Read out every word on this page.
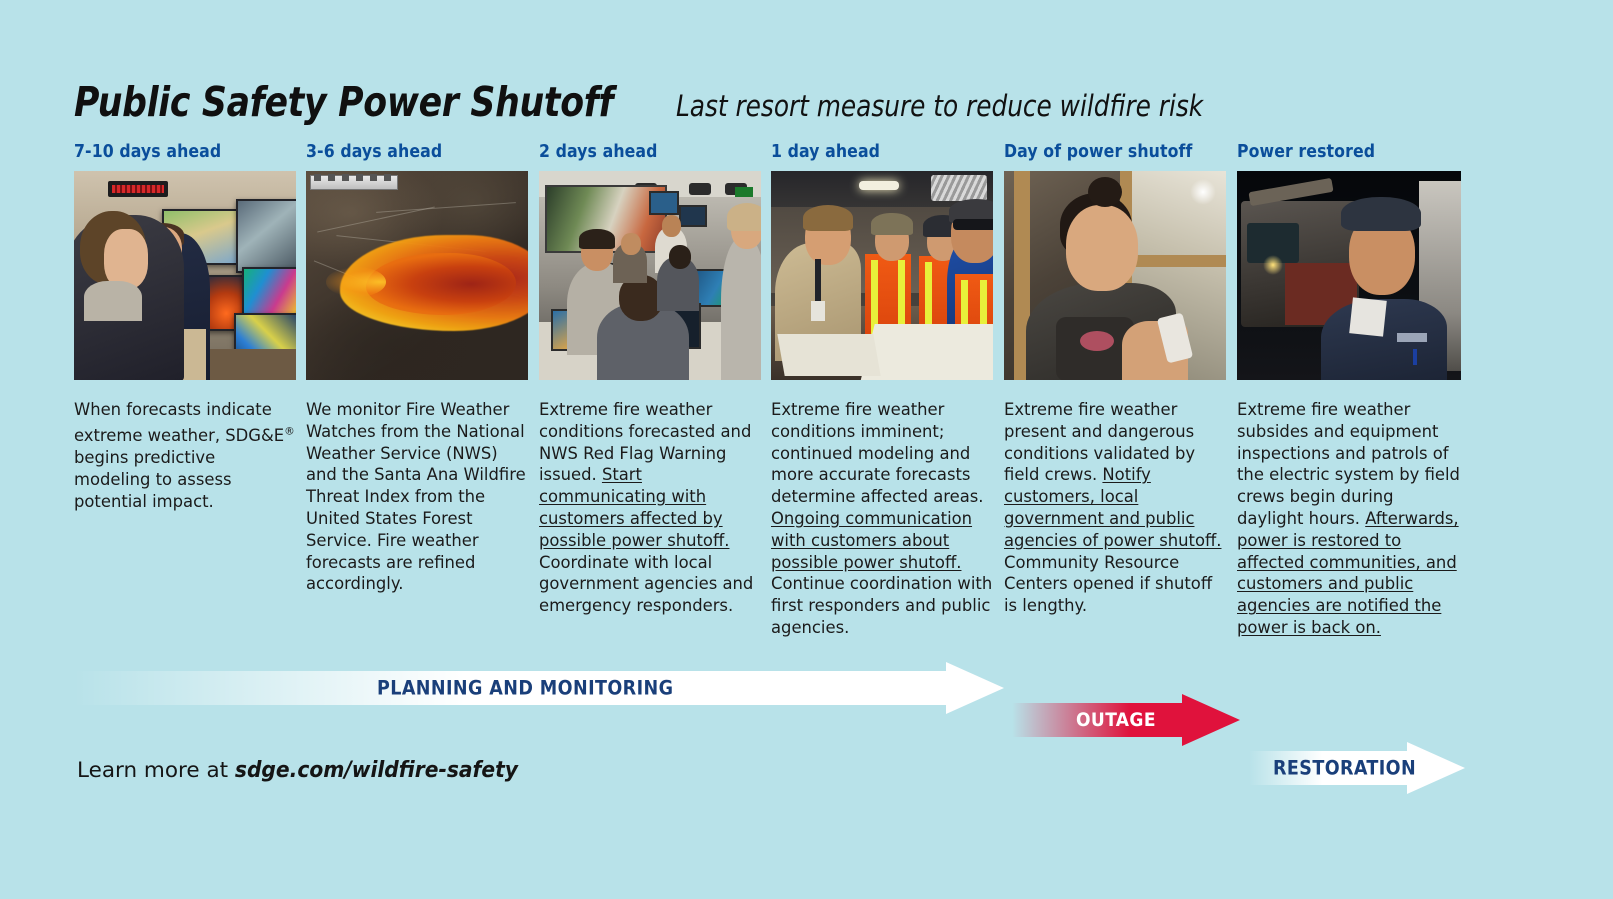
Public Safety Power Shutoff Last resort measure to reduce wildfire risk
7-10 days ahead
When forecasts indicate extreme weather, SDG&E® begins predictive modeling to assess potential impact.
3-6 days ahead
We monitor Fire Weather Watches from the National Weather Service (NWS) and the Santa Ana Wildfire Threat Index from the United States Forest Service. Fire weather forecasts are refined accordingly.
2 days ahead
Extreme fire weather conditions forecasted and NWS Red Flag Warning issued. Start communicating with customers affected by possible power shutoff. Coordinate with local government agencies and emergency responders.
1 day ahead
Extreme fire weather conditions imminent; continued modeling and more accurate forecasts determine affected areas. Ongoing communication with customers about possible power shutoff. Continue coordination with first responders and public agencies.
Day of power shutoff
Extreme fire weather present and dangerous conditions validated by field crews. Notify customers, local government and public agencies of power shutoff. Community Resource Centers opened if shutoff is lengthy.
Power restored
Extreme fire weather subsides and equipment inspections and patrols of the electric system by field crews begin during daylight hours. Afterwards, power is restored to affected communities, and customers and public agencies are notified the power is back on.
PLANNING AND MONITORING
OUTAGE
RESTORATION
Learn more at sdge.com/wildfire-safety
